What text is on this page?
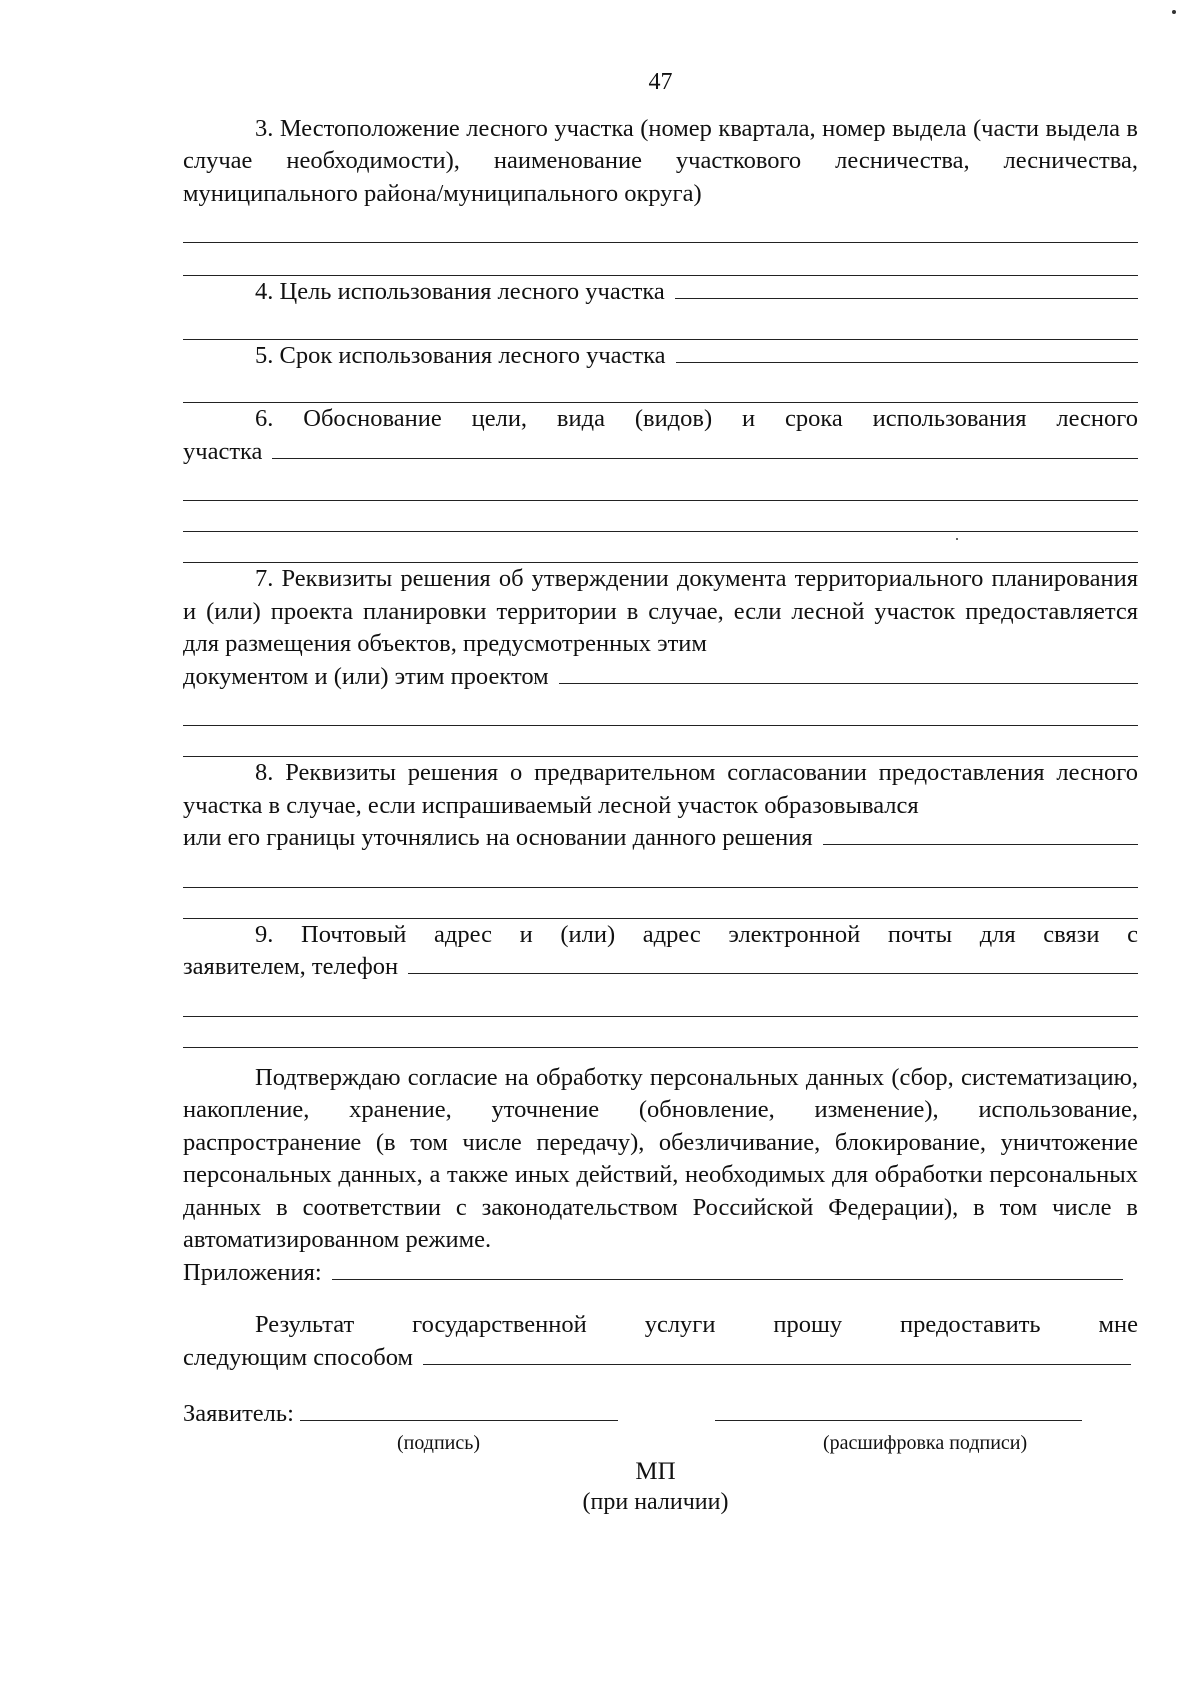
47

3. Местоположение лесного участка (номер квартала, номер выдела (части выдела в случае необходимости), наименование участкового лесничества, лесничества, муниципального района/муниципального округа)

4. Цель использования лесного участка
5. Срок использования лесного участка

6. Обоснование цели, вида (видов) и срока использования лесного

участка

7. Реквизиты решения об утверждении документа территориального планирования и (или) проекта планировки территории в случае, если лесной участок предоставляется для размещения объектов, предусмотренных этим

документом и (или) этим проектом

8. Реквизиты решения о предварительном согласовании предоставления лесного участка в случае, если испрашиваемый лесной участок образовывался

или его границы уточнялись на основании данного решения

9. Почтовый адрес и (или) адрес электронной почты для связи с

заявителем, телефон

Подтверждаю согласие на обработку персональных данных (сбор, систематизацию, накопление, хранение, уточнение (обновление, изменение), использование, распространение (в том числе передачу), обезличивание, блокирование, уничтожение персональных данных, а также иных действий, необходимых для обработки персональных данных в соответствии с законодательством Российской Федерации), в том числе в автоматизированном режиме.

Приложения:

Результат государственной услуги прошу предоставить мне

следующим способом
Заявитель:
(подпись)	(расшифровка подписи)
МП
(при наличии)
